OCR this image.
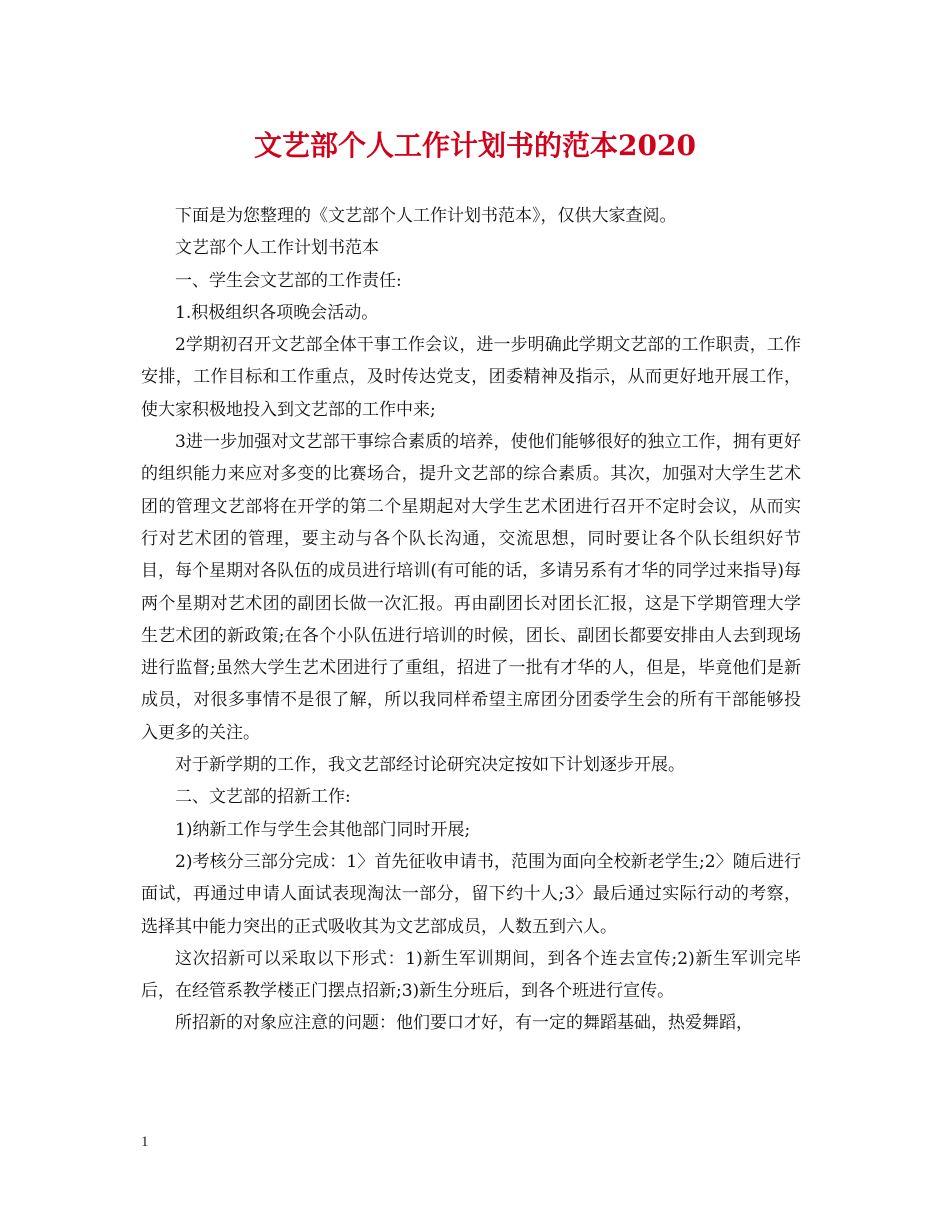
文艺部个人工作计划书的范本2020

下面是为您整理的《文艺部个人工作计划书范本》，仅供大家查阅。

文艺部个人工作计划书范本

一、学生会文艺部的工作责任:

1.积极组织各项晚会活动。

2学期初召开文艺部全体干事工作会议，进一步明确此学期文艺部的工作职责，工作安排，工作目标和工作重点，及时传达党支，团委精神及指示，从而更好地开展工作，使大家积极地投入到文艺部的工作中来;

3进一步加强对文艺部干事综合素质的培养，使他们能够很好的独立工作，拥有更好的组织能力来应对多变的比赛场合，提升文艺部的综合素质。其次，加强对大学生艺术团的管理文艺部将在开学的第二个星期起对大学生艺术团进行召开不定时会议，从而实行对艺术团的管理，要主动与各个队长沟通，交流思想，同时要让各个队长组织好节目，每个星期对各队伍的成员进行培训(有可能的话，多请另系有才华的同学过来指导)每两个星期对艺术团的副团长做一次汇报。再由副团长对团长汇报，这是下学期管理大学生艺术团的新政策;在各个小队伍进行培训的时候，团长、副团长都要安排由人去到现场进行监督;虽然大学生艺术团进行了重组，招进了一批有才华的人，但是，毕竟他们是新成员，对很多事情不是很了解，所以我同样希望主席团分团委学生会的所有干部能够投入更多的关注。

对于新学期的工作，我文艺部经讨论研究决定按如下计划逐步开展。

二、文艺部的招新工作:

1)纳新工作与学生会其他部门同时开展;

2)考核分三部分完成：1〉首先征收申请书，范围为面向全校新老学生;2〉随后进行面试，再通过申请人面试表现淘汰一部分，留下约十人;3〉最后通过实际行动的考察，选择其中能力突出的正式吸收其为文艺部成员，人数五到六人。

这次招新可以采取以下形式：1)新生军训期间，到各个连去宣传;2)新生军训完毕后，在经管系教学楼正门摆点招新;3)新生分班后，到各个班进行宣传。

所招新的对象应注意的问题：他们要口才好，有一定的舞蹈基础，热爱舞蹈，

1
